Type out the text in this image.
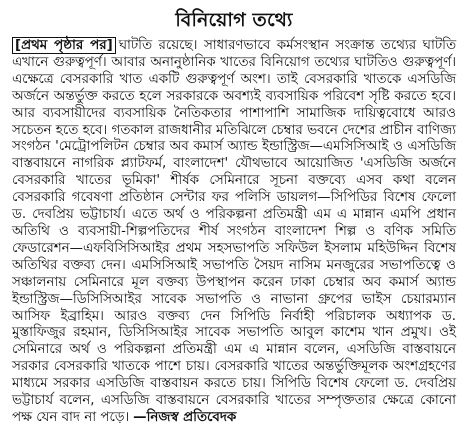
বিনিয়োগ তথ্যে

[প্রথম পৃষ্ঠার পর] ঘাটতি রয়েছে। সাধারণভাবে কর্মসংস্থান সংক্রান্ত তথ্যের ঘাটতি এখানে গুরুত্বপূর্ণ। আবার অনানুষ্ঠানিক খাতের বিনিয়োগ তথ্যের ঘাটতিও গুরুত্বপূর্ণ। এক্ষেত্রে বেসরকারি খাত একটি গুরুত্বপূর্ণ অংশ। তাই বেসরকারি খাতকে এসডিজি অর্জনে অন্তর্ভুক্ত করতে হলে সরকারকে অবশ্যই ব্যবসায়িক পরিবেশ সৃষ্টি করতে হবে। আর ব্যবসায়ীদের ব্যবসায়িক নৈতিকতার পাশাপাশি সামাজিক দায়িত্ববোধে আরও সচেতন হতে হবে। গতকাল রাজধানীর মতিঝিলে চেম্বার ভবনে দেশের প্রাচীন বাণিজ্য সংগঠন 'মেট্রোপলিটন চেম্বার অব কমার্স অ্যান্ড ইন্ডাস্ট্রিজ—এমসিসিআই ও এসডিজি বাস্তবায়নে নাগরিক প্ল্যাটফর্ম, বাংলাদেশ' যৌথভাবে আয়োজিত 'এসডিজি অর্জনে বেসরকারি খাতের ভূমিকা' শীর্ষক সেমিনারে সূচনা বক্তব্যে এসব কথা বলেন বেসরকারি গবেষণা প্রতিষ্ঠান সেন্টার ফর পলিসি ডায়লগ—সিপিডির বিশেষ ফেলো ড. দেবপ্রিয় ভট্টাচার্য। এতে অর্থ ও পরিকল্পনা প্রতিমন্ত্রী এম এ মান্নান এমপি প্রধান অতিথি ও ব্যবসায়ী-শিল্পপতিদের শীর্ষ সংগঠন বাংলাদেশ শিল্প ও বণিক সমিতি ফেডারেশন—এফবিসিসিআইর প্রথম সহসভাপতি সফিউল ইসলাম মহিউদ্দিন বিশেষ অতিথির বক্তব্য দেন। এমসিসিআই সভাপতি সৈয়দ নাসিম মনজুরের সভাপতিত্বে ও সঞ্চালনায় সেমিনারে মূল বক্তব্য উপস্থাপন করেন ঢাকা চেম্বার অব কমার্স অ্যান্ড ইন্ডাস্ট্রিজ—ডিসিসিআইর সাবেক সভাপতি ও নাভানা গ্রুপের ভাইস চেয়ারম্যান আসিফ ইব্রাহিম। আরও বক্তব্য দেন সিপিডি নির্বাহী পরিচালক অধ্যাপক ড. মুস্তাফিজুর রহমান, ডিসিসিআইর সাবেক সভাপতি আবুল কাশেম খান প্রমুখ। ওই সেমিনারে অর্থ ও পরিকল্পনা প্রতিমন্ত্রী এম এ মান্নান বলেন, এসডিজি বাস্তবায়নে সরকার বেসরকারি খাতকে পাশে চায়। বেসরকারি খাতের অন্তর্ভুক্তিমূলক অংশগ্রহণের মাধ্যমে সরকার এসডিজি বাস্তবায়ন করতে চায়। সিপিডি বিশেষ ফেলো ড. দেবপ্রিয় ভট্টাচার্য বলেন, এসডিজি বাস্তবায়নে বেসরকারি খাতের সম্পৃক্ততার ক্ষেত্রে কোনো পক্ষ যেন বাদ না পড়ে। —নিজস্ব প্রতিবেদক
